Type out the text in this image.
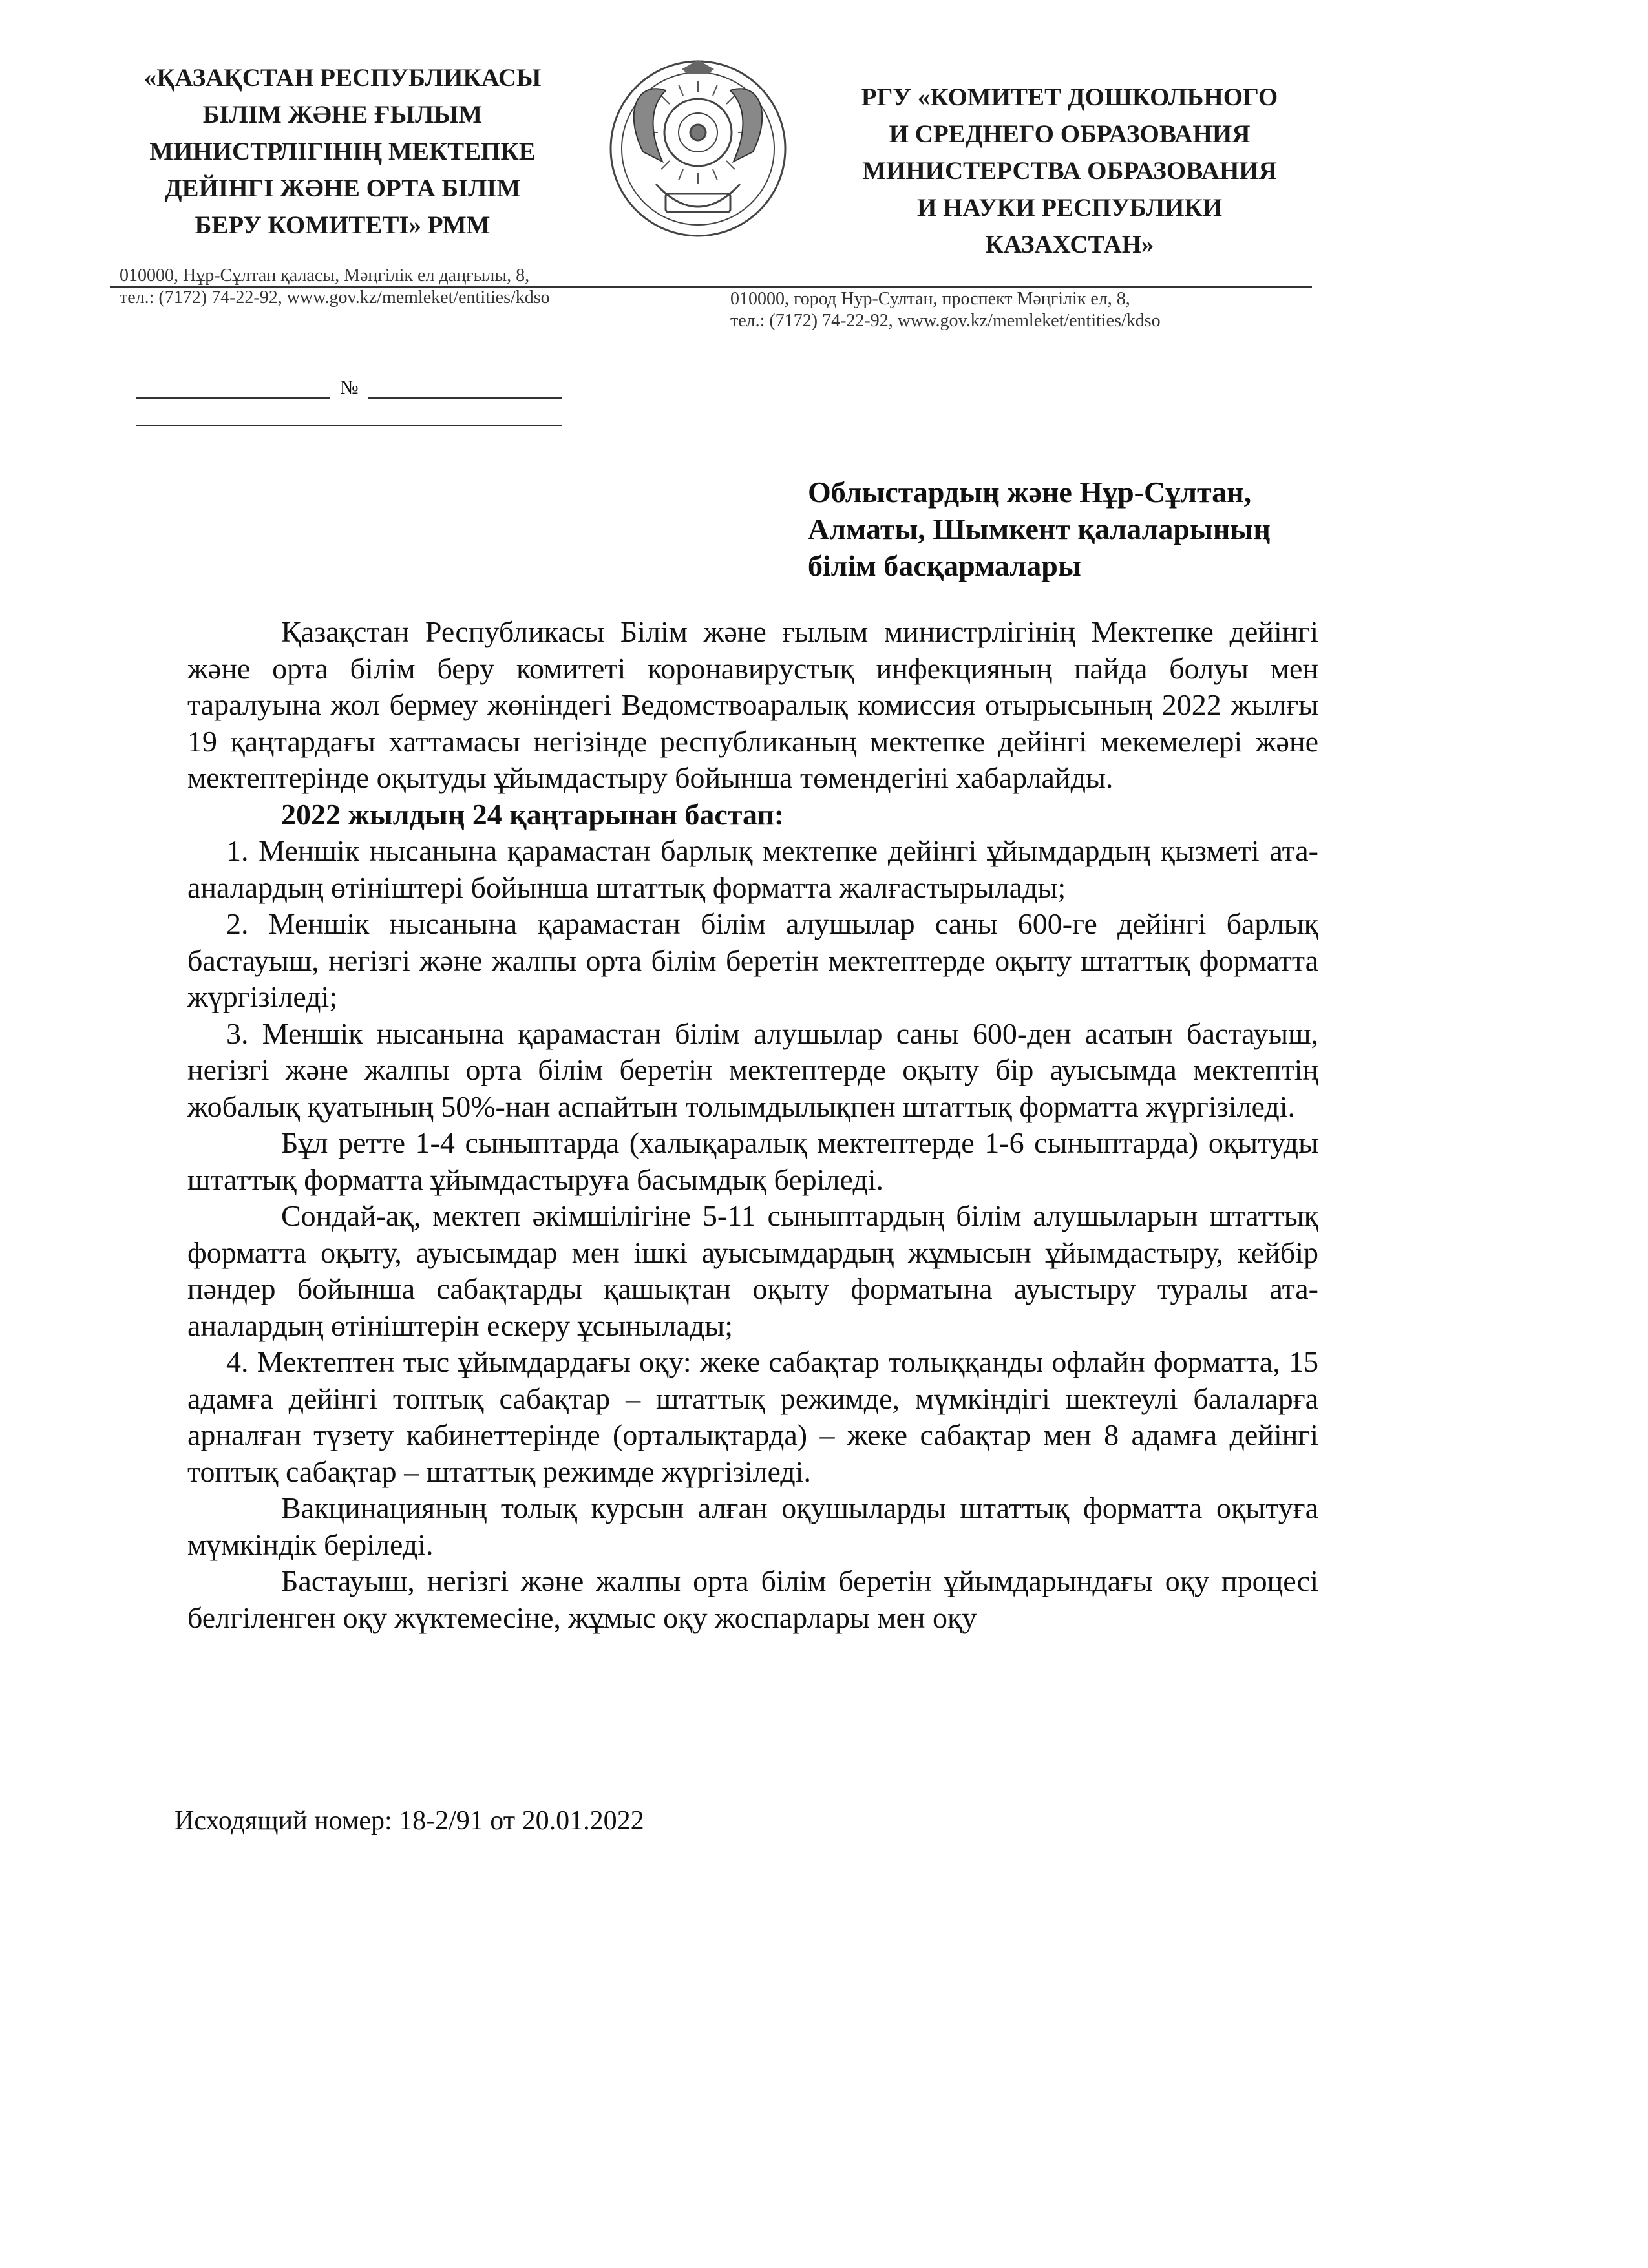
«ҚАЗАҚСТАН РЕСПУБЛИКАСЫ
БІЛІМ ЖӘНЕ ҒЫЛЫМ
МИНИСТРЛІГІНІҢ МЕКТЕПКЕ
ДЕЙІНГІ ЖӘНЕ ОРТА БІЛІМ
БЕРУ КОМИТЕТІ» РММ
РГУ «КОМИТЕТ ДОШКОЛЬНОГО
И СРЕДНЕГО ОБРАЗОВАНИЯ
МИНИСТЕРСТВА ОБРАЗОВАНИЯ
И НАУКИ РЕСПУБЛИКИ
КАЗАХСТАН»
010000, Нұр-Сұлтан қаласы, Мәңгілік ел даңғылы, 8,
тел.: (7172) 74-22-92, www.gov.kz/memleket/entities/kdso	010000, город Нур-Султан, проспект Мәңгілік ел, 8,
тел.: (7172) 74-22-92, www.gov.kz/memleket/entities/kdso
№
Облыстардың және Нұр-Сұлтан,
Алматы, Шымкент қалаларының
білім басқармалары

Қазақстан Республикасы Білім және ғылым министрлігінің Мектепке дейінгі және орта білім беру комитеті коронавирустық инфекцияның пайда болуы мен таралуына жол бермеу жөніндегі Ведомствоаралық комиссия отырысының 2022 жылғы 19 қаңтардағы хаттамасы негізінде республиканың мектепке дейінгі мекемелері және мектептерінде оқытуды ұйымдастыру бойынша төмендегіні хабарлайды.

2022 жылдың 24 қаңтарынан бастап:

1. Меншік нысанына қарамастан барлық мектепке дейінгі ұйымдардың қызметі ата-аналардың өтініштері бойынша штаттық форматта жалғастырылады;

2. Меншік нысанына қарамастан білім алушылар саны 600-ге дейінгі барлық бастауыш, негізгі және жалпы орта білім беретін мектептерде оқыту штаттық форматта жүргізіледі;

3. Меншік нысанына қарамастан білім алушылар саны 600-ден асатын бастауыш, негізгі және жалпы орта білім беретін мектептерде оқыту бір ауысымда мектептің жобалық қуатының 50%-нан аспайтын толымдылықпен штаттық форматта жүргізіледі.

Бұл ретте 1-4 сыныптарда (халықаралық мектептерде 1-6 сыныптарда) оқытуды штаттық форматта ұйымдастыруға басымдық беріледі.

Сондай-ақ, мектеп әкімшілігіне 5-11 сыныптардың білім алушыларын штаттық форматта оқыту, ауысымдар мен ішкі ауысымдардың жұмысын ұйымдастыру, кейбір пәндер бойынша сабақтарды қашықтан оқыту форматына ауыстыру туралы ата-аналардың өтініштерін ескеру ұсынылады;

4. Мектептен тыс ұйымдардағы оқу: жеке сабақтар толыққанды офлайн форматта, 15 адамға дейінгі топтық сабақтар – штаттық режимде, мүмкіндігі шектеулі балаларға арналған түзету кабинеттерінде (орталықтарда) – жеке сабақтар мен 8 адамға дейінгі топтық сабақтар – штаттық режимде жүргізіледі.

Вакцинацияның толық курсын алған оқушыларды штаттық форматта оқытуға мүмкіндік беріледі.

Бастауыш, негізгі және жалпы орта білім беретін ұйымдарындағы оқу процесі белгіленген оқу жүктемесіне, жұмыс оқу жоспарлары мен оқу

Исходящий номер: 18-2/91 от 20.01.2022
